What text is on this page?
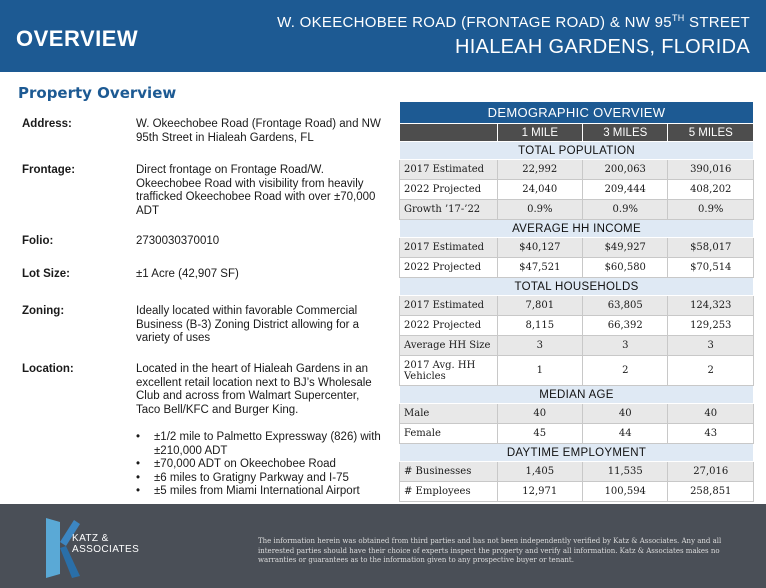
OVERVIEW
W. OKEECHOBEE ROAD (FRONTAGE ROAD) & NW 95TH STREET
HIALEAH GARDENS, FLORIDA
Property Overview
Address:	W. Okeechobee Road (Frontage Road) and NW 95th Street in Hialeah Gardens, FL
Frontage:	Direct frontage on Frontage Road/W. Okeechobee Road with visibility from heavily trafficked Okeechobee Road with over ±70,000 ADT
Folio:	2730030370010
Lot Size:	±1 Acre (42,907 SF)
Zoning:	Ideally located within favorable Commercial Business (B-3) Zoning District allowing for a variety of uses
Location:	Located in the heart of Hialeah Gardens in an excellent retail location next to BJ’s Wholesale Club and across from Walmart Supercenter, Taco Bell/KFC and Burger King.
• ±1/2 mile to Palmetto Expressway (826) with ±210,000 ADT
• ±70,000 ADT on Okeechobee Road
• ±6 miles to Gratigny Parkway and I-75
• ±5 miles from Miami International Airport
DEMOGRAPHIC OVERVIEW			
	1 MILE	3 MILES	5 MILES
TOTAL POPULATION			
2017 Estimated	22,992	200,063	390,016
2022 Projected	24,040	209,444	408,202
Growth ’17-’22	0.9%	0.9%	0.9%
AVERAGE HH INCOME			
2017 Estimated	$40,127	$49,927	$58,017
2022 Projected	$47,521	$60,580	$70,514
TOTAL HOUSEHOLDS			
2017 Estimated	7,801	63,805	124,323
2022 Projected	8,115	66,392	129,253
Average HH Size	3	3	3
2017 Avg. HH Vehicles	1	2	2
MEDIAN AGE			
Male	40	40	40
Female	45	44	43
DAYTIME EMPLOYMENT			
# Businesses	1,405	11,535	27,016
# Employees	12,971	100,594	258,851
KATZ &
ASSOCIATES
The information herein was obtained from third parties and has not been independently verified by Katz & Associates. Any and all interested parties should have their choice of experts inspect the property and verify all information. Katz & Associates makes no warranties or guarantees as to the information given to any prospective buyer or tenant.
